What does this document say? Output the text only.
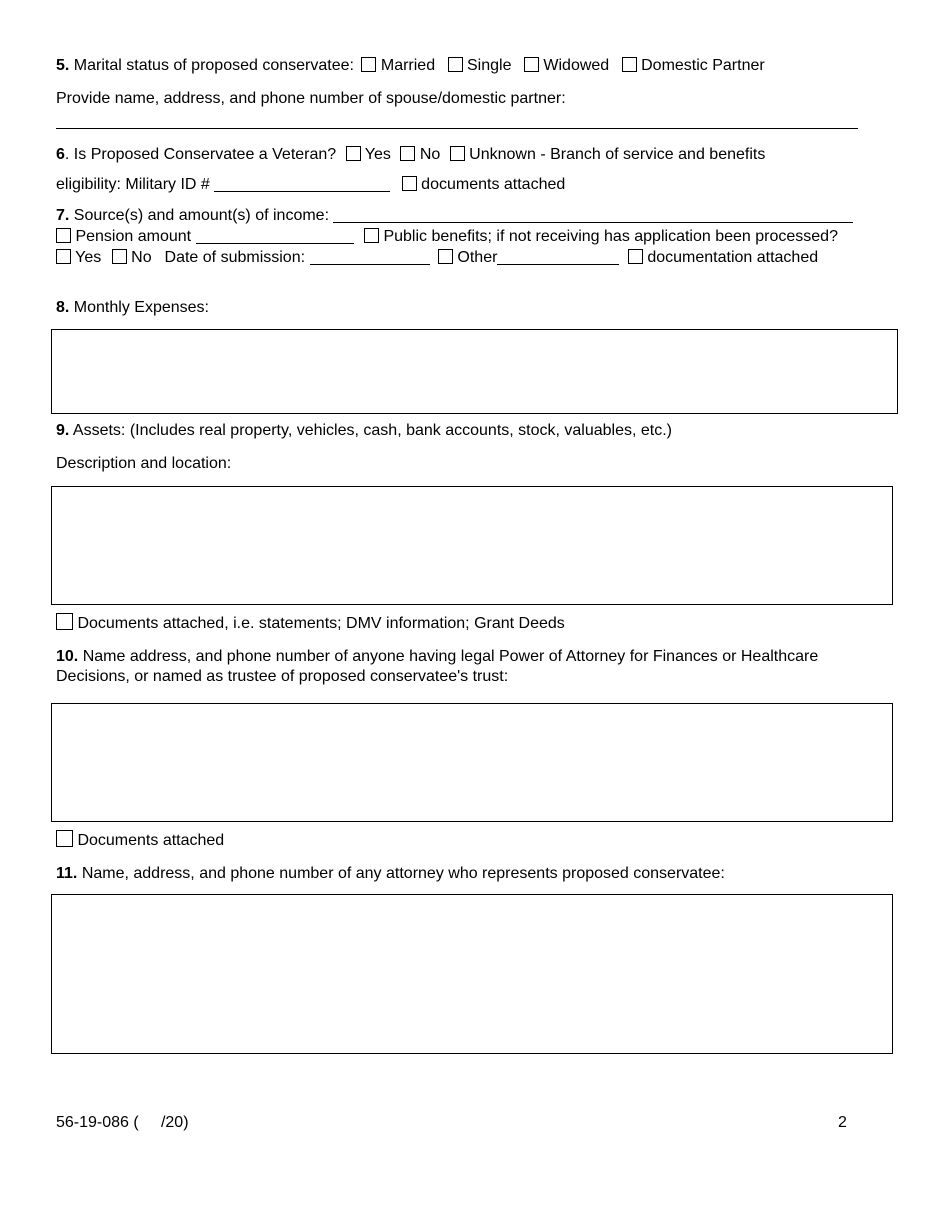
5. Marital status of proposed conservatee: Married Single Widowed Domestic Partner
Provide name, address, and phone number of spouse/domestic partner:
6. Is Proposed Conservatee a Veteran? Yes No Unknown - Branch of service and benefits
eligibility: Military ID #	documents attached
7. Source(s) and amount(s) of income:
Pension amount	Public benefits; if not receiving has application been processed?
Yes No Date of submission:	Other	documentation attached
8. Monthly Expenses:
9. Assets: (Includes real property, vehicles, cash, bank accounts, stock, valuables, etc.)
Description and location:
Documents attached, i.e. statements; DMV information; Grant Deeds
10. Name address, and phone number of anyone having legal Power of Attorney for Finances or Healthcare
Decisions, or named as trustee of proposed conservatee's trust:
Documents attached
11. Name, address, and phone number of any attorney who represents proposed conservatee:
56-19-086 (     /20)	2
